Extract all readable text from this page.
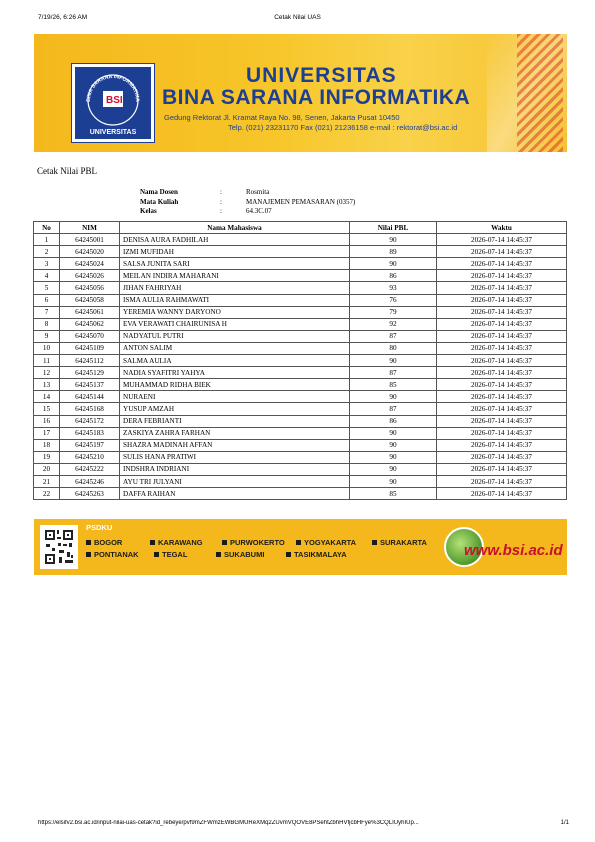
7/19/26, 6:26 AM	Cetak Nilai UAS
BINA SARANA INFORMATIKA
BSI
UNIVERSITAS
UNIVERSITAS
BINA SARANA INFORMATIKA
Gedung Rektorat Jl. Kramat Raya No. 98, Senen, Jakarta Pusat 10450
Telp. (021) 23231170 Fax (021) 21236158 e-mail : rektorat@bsi.ac.id
Cetak Nilai PBL
Nama Dosen	:	Rosmita
Mata Kuliah	:	MANAJEMEN PEMASARAN (0357)
Kelas	:	64.3C.07
No	NIM	Nama Mahasiswa	Nilai PBL	Waktu
1	64245001	DENISA AURA FADHILAH	90	2026-07-14 14:45:37
2	64245020	IZMI MUFIDAH	89	2026-07-14 14:45:37
3	64245024	SALSA JUNITA SARI	90	2026-07-14 14:45:37
4	64245026	MEILAN INDIRA MAHARANI	86	2026-07-14 14:45:37
5	64245056	JIHAN FAHRIYAH	93	2026-07-14 14:45:37
6	64245058	ISMA AULIA RAHMAWATI	76	2026-07-14 14:45:37
7	64245061	YEREMIA WANNY DARYONO	79	2026-07-14 14:45:37
8	64245062	EVA VERAWATI CHAIRUNISA H	92	2026-07-14 14:45:37
9	64245070	NADYATUL PUTRI	87	2026-07-14 14:45:37
10	64245109	ANTON SALIM	80	2026-07-14 14:45:37
11	64245112	SALMA AULIA	90	2026-07-14 14:45:37
12	64245129	NADIA SYAFITRI YAHYA	87	2026-07-14 14:45:37
13	64245137	MUHAMMAD RIDHA BIEK	85	2026-07-14 14:45:37
14	64245144	NURAENI	90	2026-07-14 14:45:37
15	64245168	YUSUP AMZAH	87	2026-07-14 14:45:37
16	64245172	DERA FEBRIANTI	86	2026-07-14 14:45:37
17	64245183	ZASKIYA ZAHRA FARHAN	90	2026-07-14 14:45:37
18	64245197	SHAZRA MADINAH AFFAN	90	2026-07-14 14:45:37
19	64245210	SULIS HANA PRATIWI	90	2026-07-14 14:45:37
20	64245222	INDSHRA INDRIANI	90	2026-07-14 14:45:37
21	64245246	AYU TRI JULYANI	90	2026-07-14 14:45:37
22	64245263	DAFFA RAIHAN	85	2026-07-14 14:45:37
PSDKU
BOGOR	KARAWANG	PURWOKERTO	YOGYAKARTA	SURAKARTA
PONTIANAK	TEGAL	SUKABUMI	TASIKMALAYA	www.bsi.ac.id
https://elsifv2.bsi.ac.id/input-nilai-uas-cetak?id_rebeye/pvf9mZFWmzEWBGMUReXMq2ZUvmVQOVE8PSehtZbhHVfjcbHFye%3CQLIUyhIUp...	1/1
